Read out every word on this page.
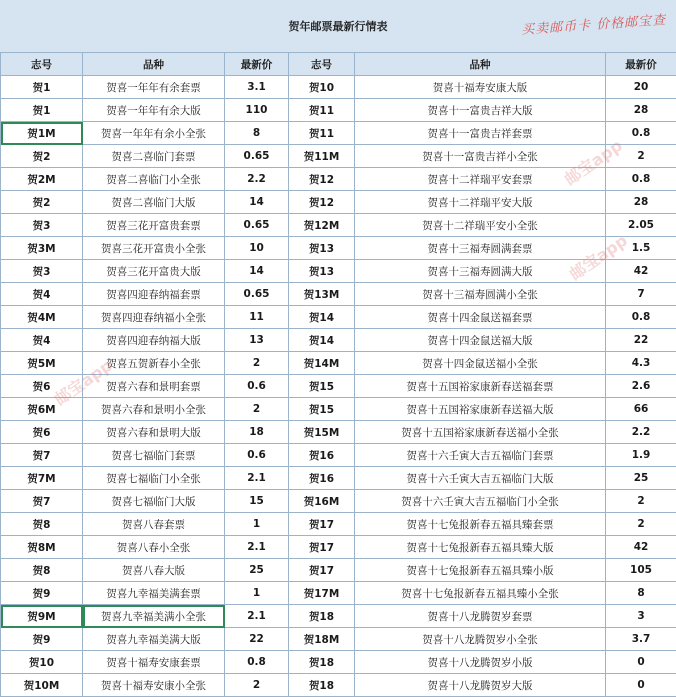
贺年邮票最新行情表	买卖邮币卡 价格邮宝查
志号	品种	最新价	志号	品种	最新价
贺1	贺喜一年年有余套票	3.1	贺10	贺喜十福寿安康大版	20
贺1	贺喜一年年有余大版	110	贺11	贺喜十一富贵吉祥大版	28
贺1M	贺喜一年年有余小全张	8	贺11	贺喜十一富贵吉祥套票	0.8
贺2	贺喜二喜临门套票	0.65	贺11M	贺喜十一富贵吉祥小全张	2
贺2M	贺喜二喜临门小全张	2.2	贺12	贺喜十二祥瑞平安套票	0.8
贺2	贺喜二喜临门大版	14	贺12	贺喜十二祥瑞平安大版	28
贺3	贺喜三花开富贵套票	0.65	贺12M	贺喜十二祥瑞平安小全张	2.05
贺3M	贺喜三花开富贵小全张	10	贺13	贺喜十三福寿圆满套票	1.5
贺3	贺喜三花开富贵大版	14	贺13	贺喜十三福寿圆满大版	42
贺4	贺喜四迎春纳福套票	0.65	贺13M	贺喜十三福寿圆满小全张	7
贺4M	贺喜四迎春纳福小全张	11	贺14	贺喜十四金鼠送福套票	0.8
贺4	贺喜四迎春纳福大版	13	贺14	贺喜十四金鼠送福大版	22
贺5M	贺喜五贺新春小全张	2	贺14M	贺喜十四金鼠送福小全张	4.3
贺6	贺喜六春和景明套票	0.6	贺15	贺喜十五国裕家康新春送福套票	2.6
贺6M	贺喜六春和景明小全张	2	贺15	贺喜十五国裕家康新春送福大版	66
贺6	贺喜六春和景明大版	18	贺15M	贺喜十五国裕家康新春送福小全张	2.2
贺7	贺喜七福临门套票	0.6	贺16	贺喜十六壬寅大吉五福临门套票	1.9
贺7M	贺喜七福临门小全张	2.1	贺16	贺喜十六壬寅大吉五福临门大版	25
贺7	贺喜七福临门大版	15	贺16M	贺喜十六壬寅大吉五福临门小全张	2
贺8	贺喜八春套票	1	贺17	贺喜十七兔报新春五福具臻套票	2
贺8M	贺喜八春小全张	2.1	贺17	贺喜十七兔报新春五福具臻大版	42
贺8	贺喜八春大版	25	贺17	贺喜十七兔报新春五福具臻小版	105
贺9	贺喜九幸福美满套票	1	贺17M	贺喜十七兔报新春五福具臻小全张	8
贺9M	贺喜九幸福美满小全张	2.1	贺18	贺喜十八龙腾贺岁套票	3
贺9	贺喜九幸福美满大版	22	贺18M	贺喜十八龙腾贺岁小全张	3.7
贺10	贺喜十福寿安康套票	0.8	贺18	贺喜十八龙腾贺岁小版	0
贺10M	贺喜十福寿安康小全张	2	贺18	贺喜十八龙腾贺岁大版	0
邮宝app
邮宝app
邮宝app
